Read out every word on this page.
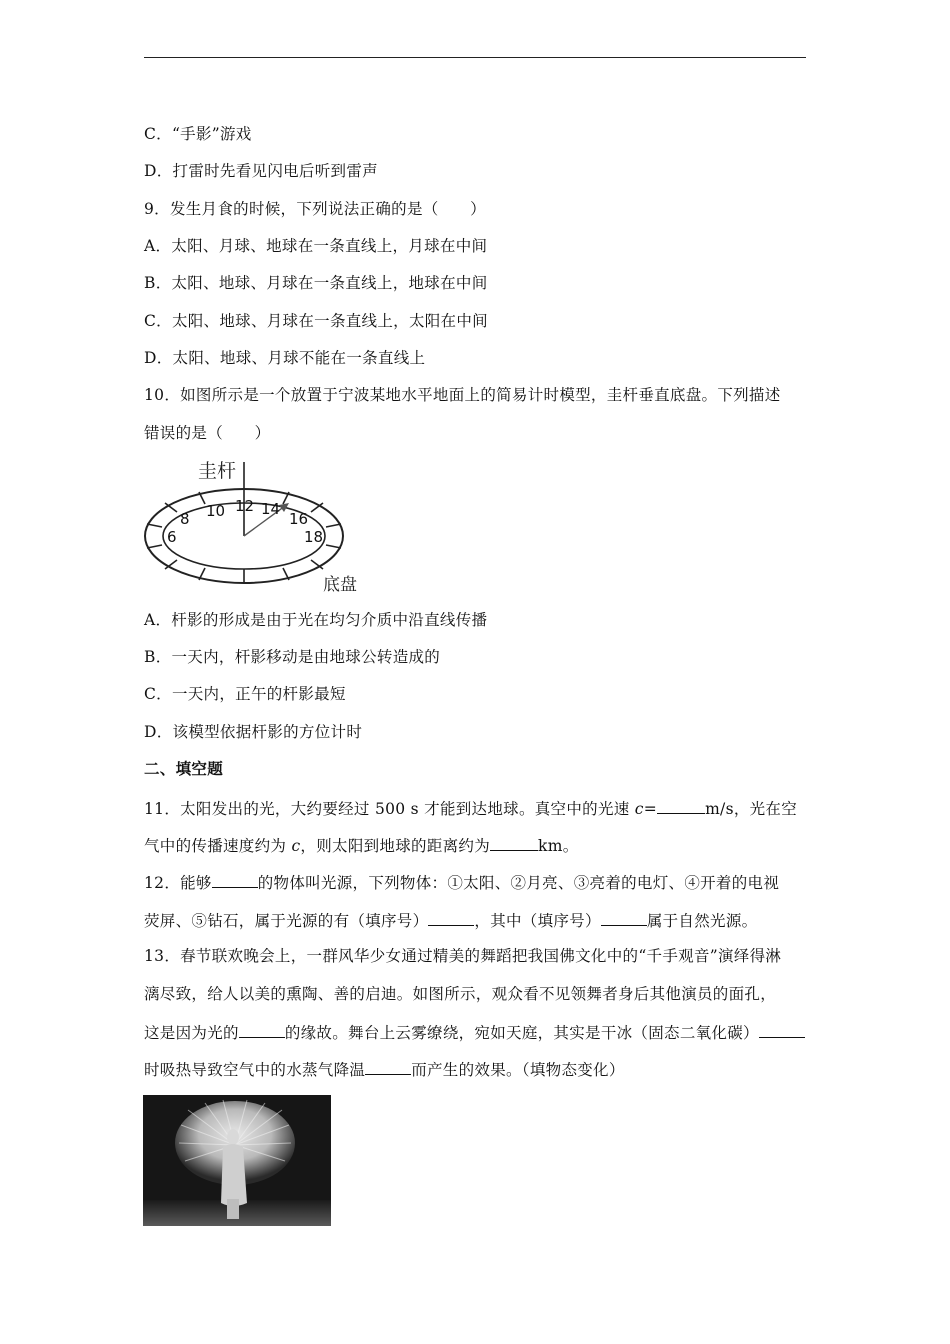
C．“手影”游戏
D．打雷时先看见闪电后听到雷声
9．发生月食的时候，下列说法正确的是（　　）
A．太阳、月球、地球在一条直线上，月球在中间
B．太阳、地球、月球在一条直线上，地球在中间
C．太阳、地球、月球在一条直线上，太阳在中间
D．太阳、地球、月球不能在一条直线上
10．如图所示是一个放置于宁波某地水平地面上的简易计时模型，圭杆垂直底盘。下列描述
错误的是（　　）
圭杆
底盘
6
8 10 12 14
16
18
A．杆影的形成是由于光在均匀介质中沿直线传播
B．一天内，杆影移动是由地球公转造成的
C．一天内，正午的杆影最短
D．该模型依据杆影的方位计时
二、填空题
11．太阳发出的光，大约要经过 500 s 才能到达地球。真空中的光速 c=	m/s，光在空
气中的传播速度约为 c，则太阳到地球的距离约为	km。
12．能够	的物体叫光源，下列物体：①太阳、②月亮、③亮着的电灯、④开着的电视
荧屏、⑤钻石，属于光源的有（填序号）	，其中（填序号）	属于自然光源。
13．春节联欢晚会上，一群风华少女通过精美的舞蹈把我国佛文化中的“千手观音”演绎得淋
漓尽致，给人以美的熏陶、善的启迪。如图所示，观众看不见领舞者身后其他演员的面孔，
这是因为光的	的缘故。舞台上云雾缭绕，宛如天庭，其实是干冰（固态二氧化碳）
时吸热导致空气中的水蒸气降温	而产生的效果。（填物态变化）
